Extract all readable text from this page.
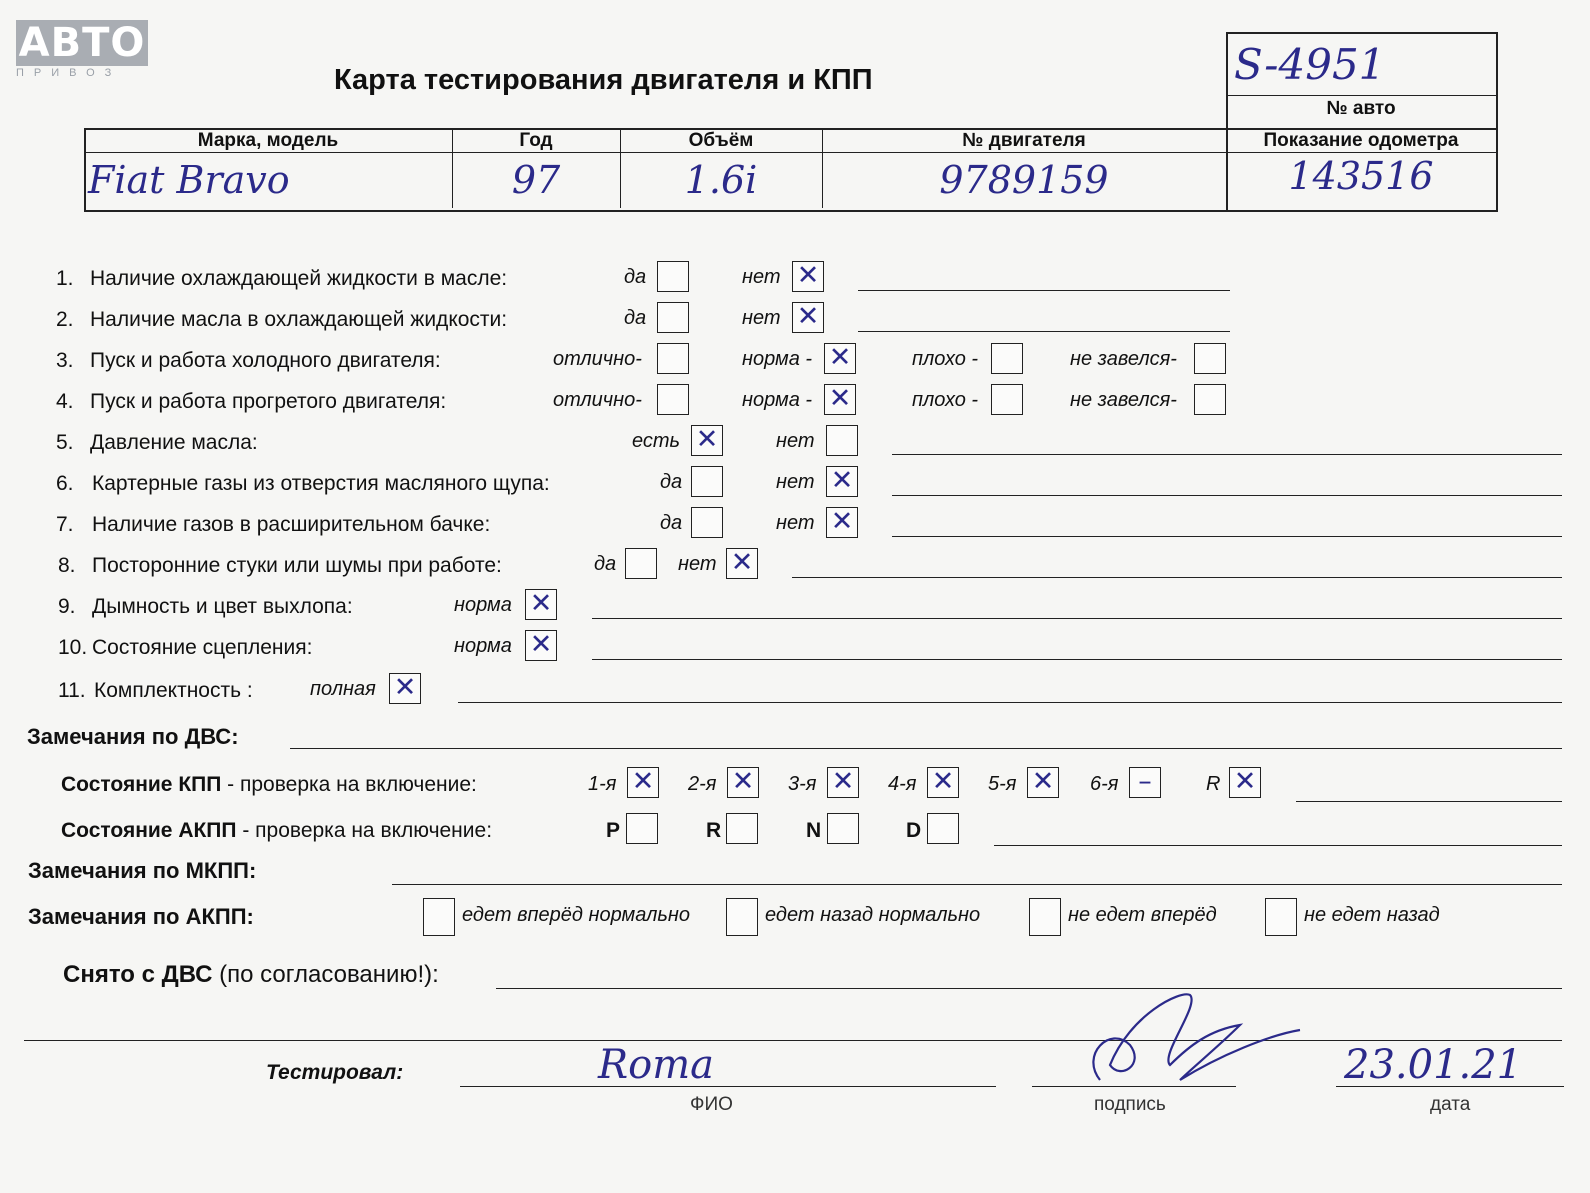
АВТО
ПРИВОЗ	Карта тестирования двигателя и КПП	S-4951
№ авто
Марка, модель	Год	Объём	№ двигателя	Показание одометра
Fiat Bravo	97	1.6i	9789159	143516
1. Наличие охлаждающей жидкости в масле:	да	нет ✕
2. Наличие масла в охлаждающей жидкости:	да	нет ✕
3. Пуск и работа холодного двигателя:	отлично-	норма - ✕	плохо -	не завелся-
4. Пуск и работа прогретого двигателя:	отлично-	норма - ✕	плохо -	не завелся-
5. Давление масла:	есть ✕	нет
6. Картерные газы из отверстия масляного щупа:	да	нет ✕
7. Наличие газов в расширительном бачке:	да	нет ✕
8. Посторонние стуки или шумы при работе:	да	нет ✕
9. Дымность и цвет выхлопа:	норма ✕
10. Состояние сцепления:	норма ✕
11. Комплектность :	полная ✕
Замечания по ДВС:
Состояние КПП - проверка на включение:	1-я ✕ 2-я ✕ 3-я ✕ 4-я ✕ 5-я ✕ 6-я –	R ✕
Состояние АКПП - проверка на включение:	P	R	N	D
Замечания по МКПП:
Замечания по АКПП:	едет вперёд нормально	едет назад нормально	не едет вперёд	не едет назад
Снято с ДВС (по согласованию!):
Тестировал:	Roma
ФИО	подпись
23.01.21
дата
